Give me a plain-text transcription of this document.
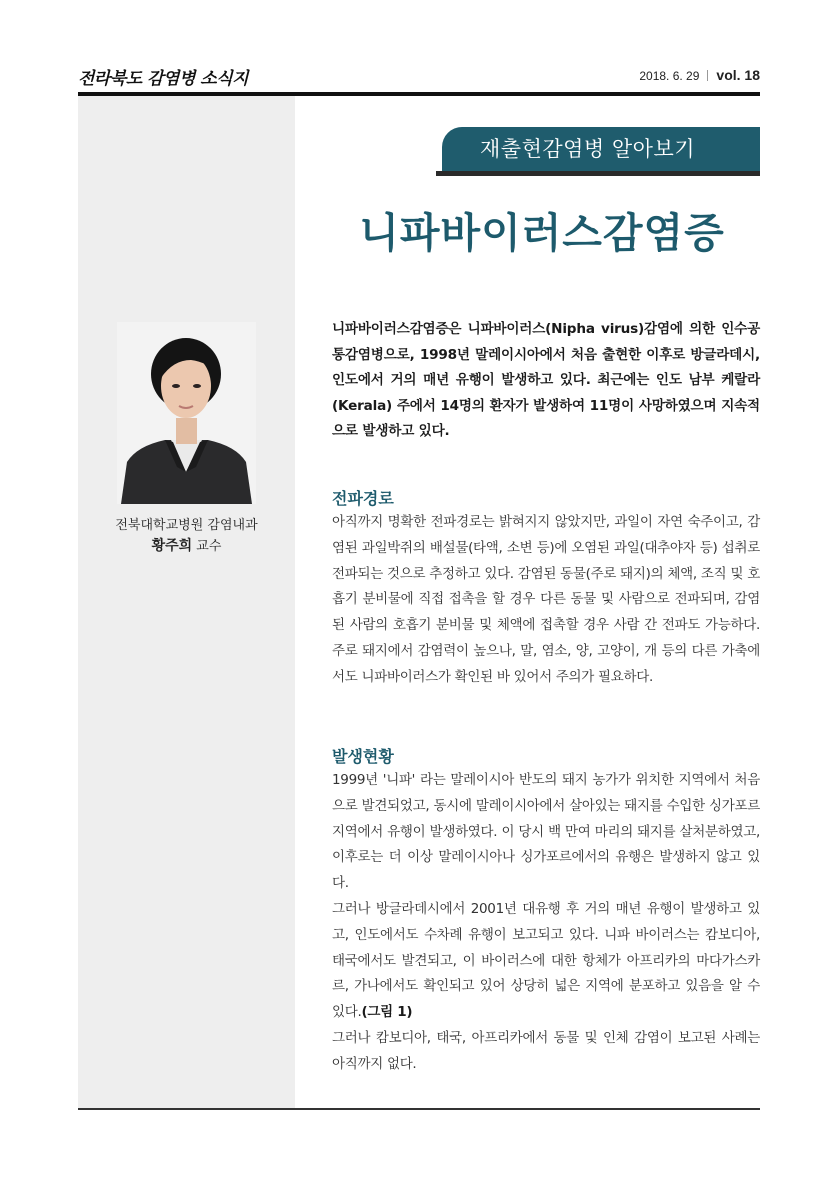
전라북도 감염병 소식지	2018. 6. 29 vol. 18
전북대학교병원 감염내과
황주희 교수
재출현감염병 알아보기
니파바이러스감염증
니파바이러스감염증은 니파바이러스(Nipha virus)감염에 의한 인수공통감염병으로, 1998년 말레이시아에서 처음 출현한 이후로 방글라데시, 인도에서 거의 매년 유행이 발생하고 있다. 최근에는 인도 남부 케랄라(Kerala) 주에서 14명의 환자가 발생하여 11명이 사망하였으며 지속적으로 발생하고 있다.
전파경로

아직까지 명확한 전파경로는 밝혀지지 않았지만, 과일이 자연 숙주이고, 감염된 과일박쥐의 배설물(타액, 소변 등)에 오염된 과일(대추야자 등) 섭취로 전파되는 것으로 추정하고 있다. 감염된 동물(주로 돼지)의 체액, 조직 및 호흡기 분비물에 직접 접촉을 할 경우 다른 동물 및 사람으로 전파되며, 감염된 사람의 호흡기 분비물 및 체액에 접촉할 경우 사람 간 전파도 가능하다. 주로 돼지에서 감염력이 높으나, 말, 염소, 양, 고양이, 개 등의 다른 가축에서도 니파바이러스가 확인된 바 있어서 주의가 필요하다.

발생현황

1999년 '니파' 라는 말레이시아 반도의 돼지 농가가 위치한 지역에서 처음으로 발견되었고, 동시에 말레이시아에서 살아있는 돼지를 수입한 싱가포르 지역에서 유행이 발생하였다. 이 당시 백 만여 마리의 돼지를 살처분하였고, 이후로는 더 이상 말레이시아나 싱가포르에서의 유행은 발생하지 않고 있다.

그러나 방글라데시에서 2001년 대유행 후 거의 매년 유행이 발생하고 있고, 인도에서도 수차례 유행이 보고되고 있다. 니파 바이러스는 캄보디아, 태국에서도 발견되고, 이 바이러스에 대한 항체가 아프리카의 마다가스카르, 가나에서도 확인되고 있어 상당히 넓은 지역에 분포하고 있음을 알 수 있다.(그림 1)

그러나 캄보디아, 태국, 아프리카에서 동물 및 인체 감염이 보고된 사례는 아직까지 없다.
